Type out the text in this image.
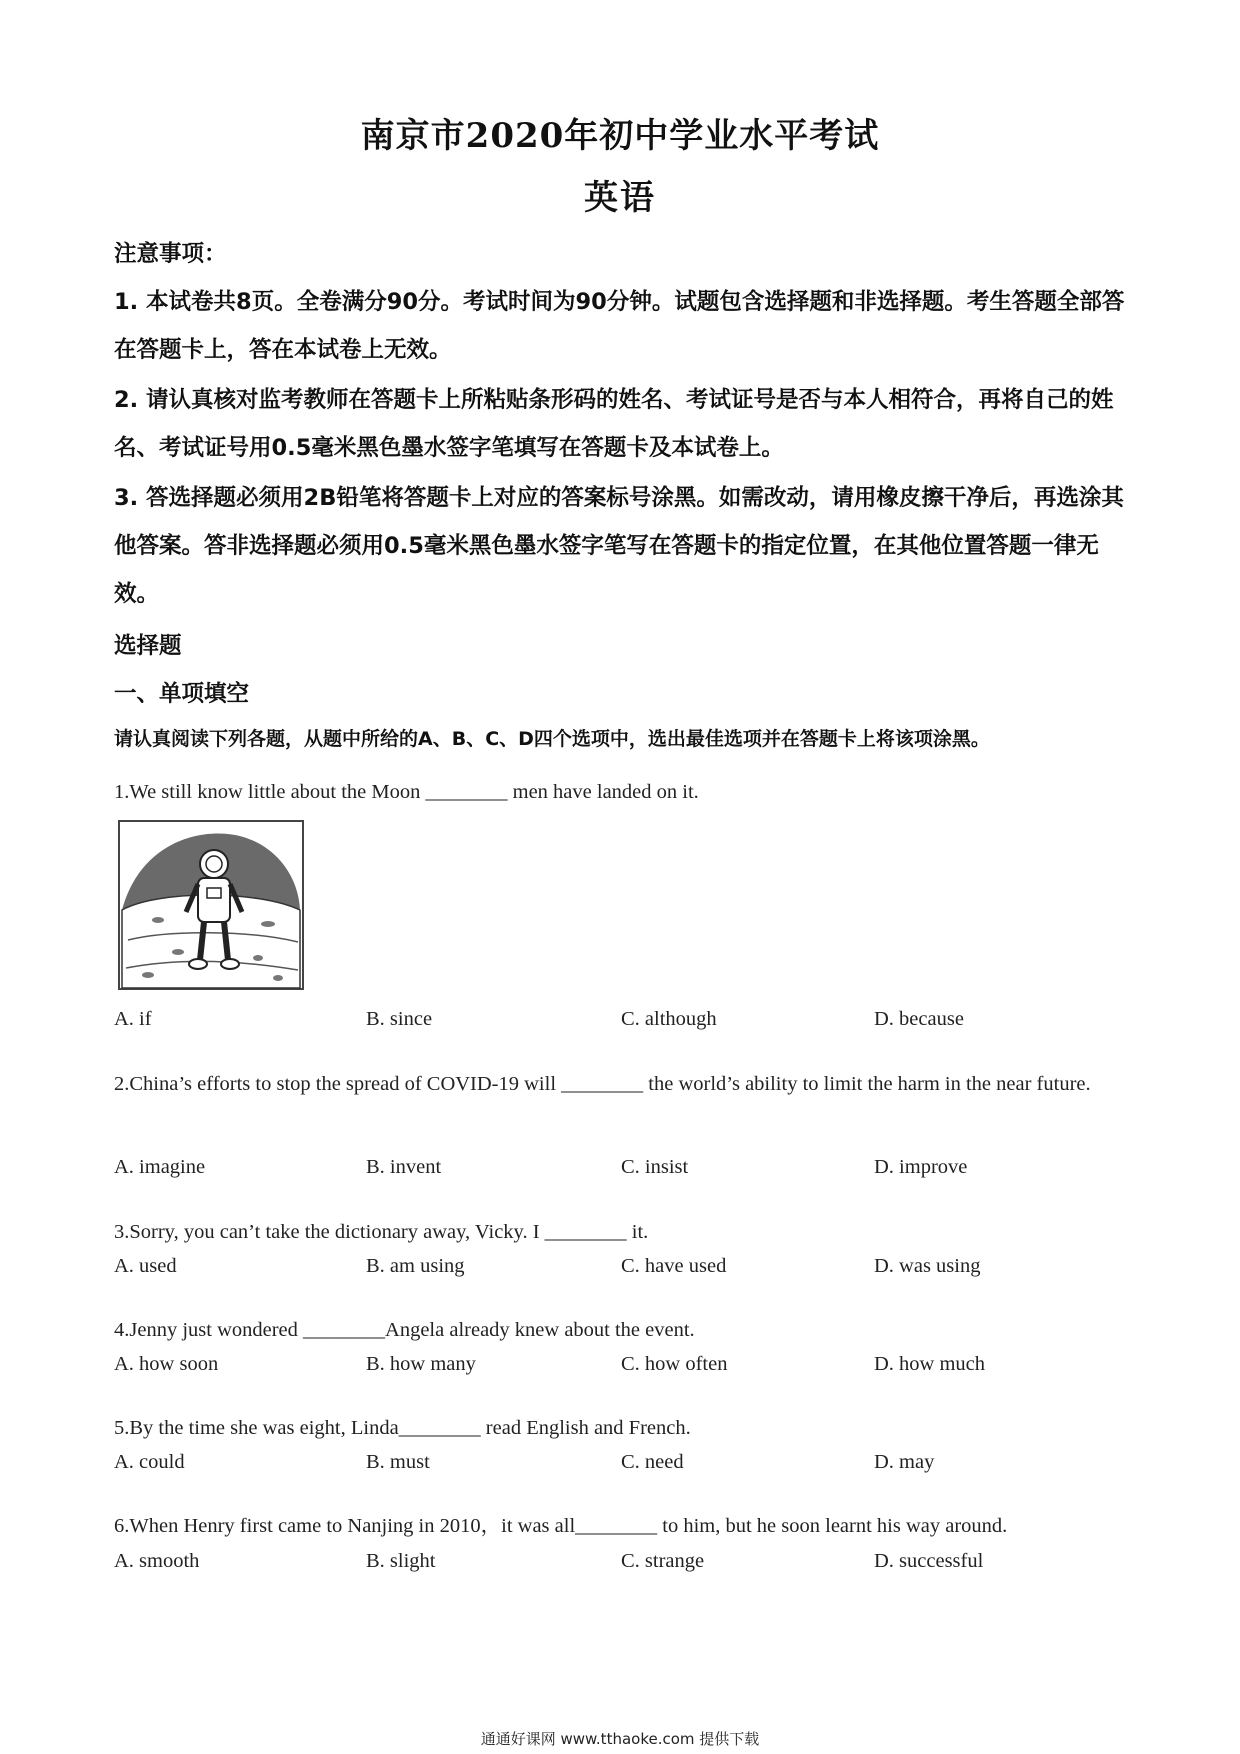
南京市2020年初中学业水平考试
英语
注意事项：
1. 本试卷共8页。全卷满分90分。考试时间为90分钟。试题包含选择题和非选择题。考生答题全部答在答题卡上，答在本试卷上无效。
2. 请认真核对监考教师在答题卡上所粘贴条形码的姓名、考试证号是否与本人相符合，再将自己的姓名、考试证号用0.5毫米黑色墨水签字笔填写在答题卡及本试卷上。
3. 答选择题必须用2B铅笔将答题卡上对应的答案标号涂黑。如需改动，请用橡皮擦干净后，再选涂其他答案。答非选择题必须用0.5毫米黑色墨水签字笔写在答题卡的指定位置，在其他位置答题一律无效。
选择题
一、单项填空
请认真阅读下列各题，从题中所给的A、B、C、D四个选项中，选出最佳选项并在答题卡上将该项涂黑。
1.We still know little about the Moon ________ men have landed on it.
A. if	B. since	C. although	D. because
2.China’s efforts to stop the spread of COVID-19 will ________ the world’s ability to limit the harm in the near future.
A. imagine	B. invent	C. insist	D. improve
3.Sorry, you can’t take the dictionary away, Vicky. I ________ it.
A. used	B. am using	C. have used	D. was using
4.Jenny just wondered ________Angela already knew about the event.
A. how soon	B. how many	C. how often	D. how much
5.By the time she was eight, Linda________ read English and French.
A. could	B. must	C. need	D. may
6.When Henry first came to Nanjing in 2010，it was all________ to him, but he soon learnt his way around.
A. smooth	B. slight	C. strange	D. successful
通通好课网 www.tthaoke.com 提供下载
